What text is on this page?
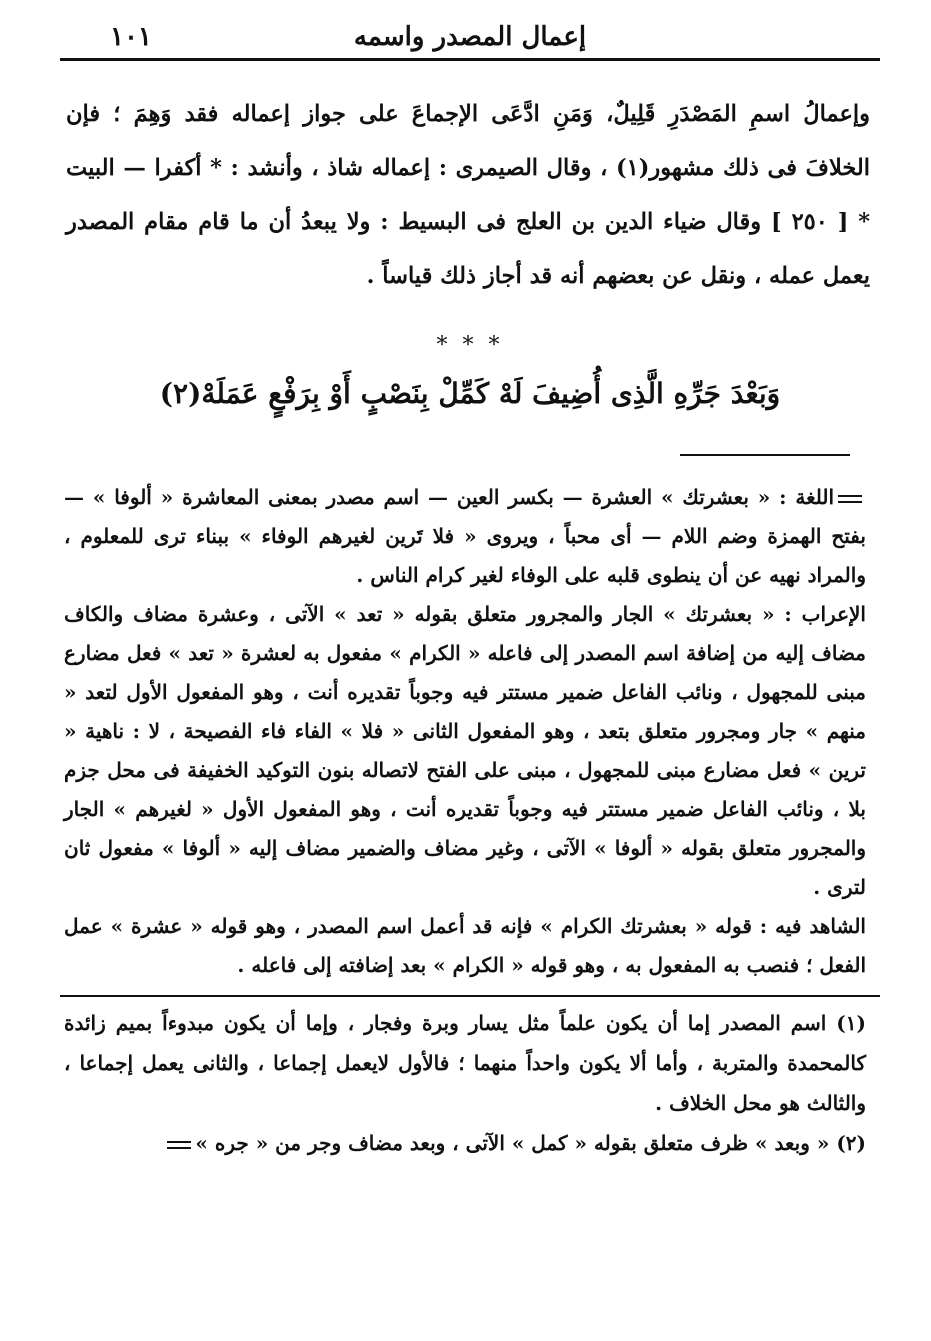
إعمال المصدر واسمه
١٠١
وإعمالُ اسمِ المَصْدَرِ قَلِيلٌ، وَمَنِ ادَّعَى الإجماعَ على جواز إعماله فقد وَهِمَ ؛ فإن الخلافَ فى ذلك مشهور(١) ، وقال الصيمرى : إعماله شاذ ، وأنشد : * أكفرا — البيت * [ ٢٥٠ ] وقال ضياء الدين بن العلج فى البسيط : ولا يبعدُ أن ما قام مقام المصدر يعمل عمله ، ونقل عن بعضهم أنه قد أجاز ذلك قياساً .
* * *
وَبَعْدَ جَرِّهِ الَّذِى أُضِيفَ لَهْ كَمِّلْ بِنَصْبٍ أَوْ بِرَفْعٍ عَمَلَهْ(٢)

اللغة : « بعشرتك » العشرة — بكسر العين — اسم مصدر بمعنى المعاشرة « ألوفا » — بفتح الهمزة وضم اللام — أى محباً ، ويروى « فلا تَرين لغيرهم الوفاء » ببناء ترى للمعلوم ، والمراد نهيه عن أن ينطوى قلبه على الوفاء لغير كرام الناس .

الإعراب : « بعشرتك » الجار والمجرور متعلق بقوله « تعد » الآتى ، وعشرة مضاف والكاف مضاف إليه من إضافة اسم المصدر إلى فاعله « الكرام » مفعول به لعشرة « تعد » فعل مضارع مبنى للمجهول ، ونائب الفاعل ضمير مستتر فيه وجوباً تقديره أنت ، وهو المفعول الأول لتعد « منهم » جار ومجرور متعلق بتعد ، وهو المفعول الثانى « فلا » الفاء فاء الفصيحة ، لا : ناهية « ترين » فعل مضارع مبنى للمجهول ، مبنى على الفتح لاتصاله بنون التوكيد الخفيفة فى محل جزم بلا ، ونائب الفاعل ضمير مستتر فيه وجوباً تقديره أنت ، وهو المفعول الأول « لغيرهم » الجار والمجرور متعلق بقوله « ألوفا » الآتى ، وغير مضاف والضمير مضاف إليه « ألوفا » مفعول ثان لترى .

الشاهد فيه : قوله « بعشرتك الكرام » فإنه قد أعمل اسم المصدر ، وهو قوله « عشرة » عمل الفعل ؛ فنصب به المفعول به ، وهو قوله « الكرام » بعد إضافته إلى فاعله .

(١) اسم المصدر إما أن يكون علماً مثل يسار وبرة وفجار ، وإما أن يكون مبدوءاً بميم زائدة كالمحمدة والمتربة ، وأما ألا يكون واحداً منهما ؛ فالأول لايعمل إجماعا ، والثانى يعمل إجماعا ، والثالث هو محل الخلاف .

(٢) « وبعد » ظرف متعلق بقوله « كمل » الآتى ، وبعد مضاف وجر من « جره »
